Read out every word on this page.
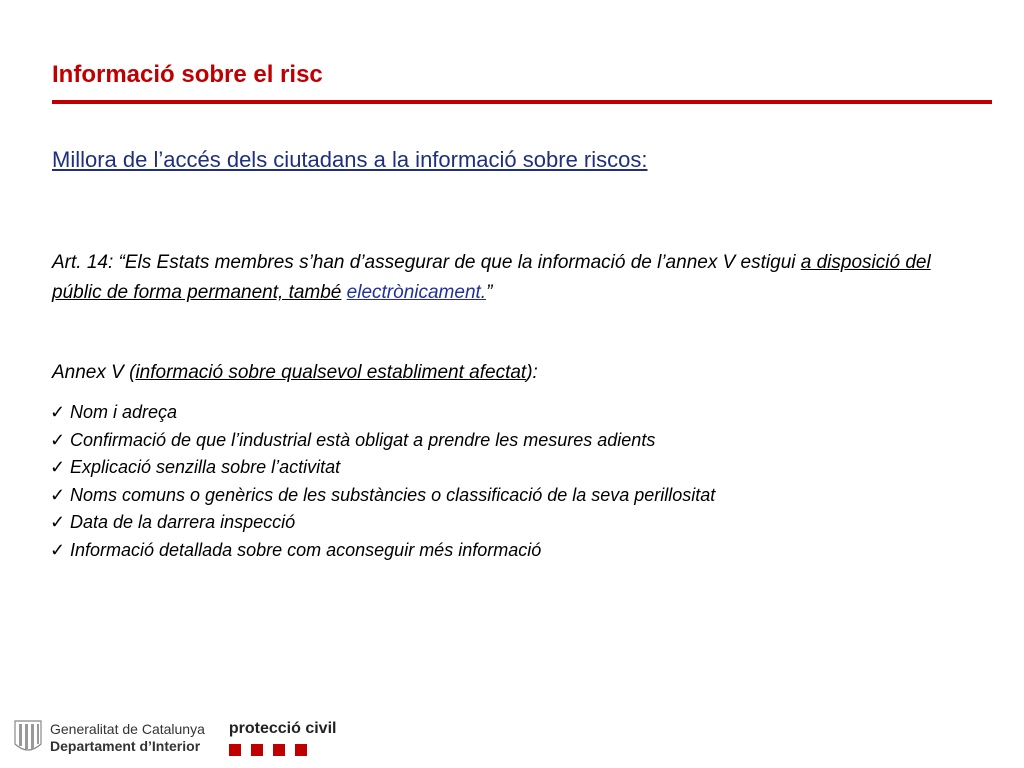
Informació sobre el risc

Millora de l’accés dels ciutadans a la informació sobre riscos:

Art. 14: “Els Estats membres s’han d’assegurar de que la informació de l’annex V estigui a disposició del públic de forma permanent, també electrònicament.”

Annex V (informació sobre qualsevol establiment afectat):

✓ Nom i adreça
✓ Confirmació de que l’industrial està obligat a prendre les mesures adients
✓ Explicació senzilla sobre l’activitat
✓ Noms comuns o genèrics de les substàncies o classificació de la seva perillositat
✓ Data de la darrera inspecció
✓ Informació detallada sobre com aconseguir més informació
Generalitat de Catalunya
Departament d’Interior
protecció civil
